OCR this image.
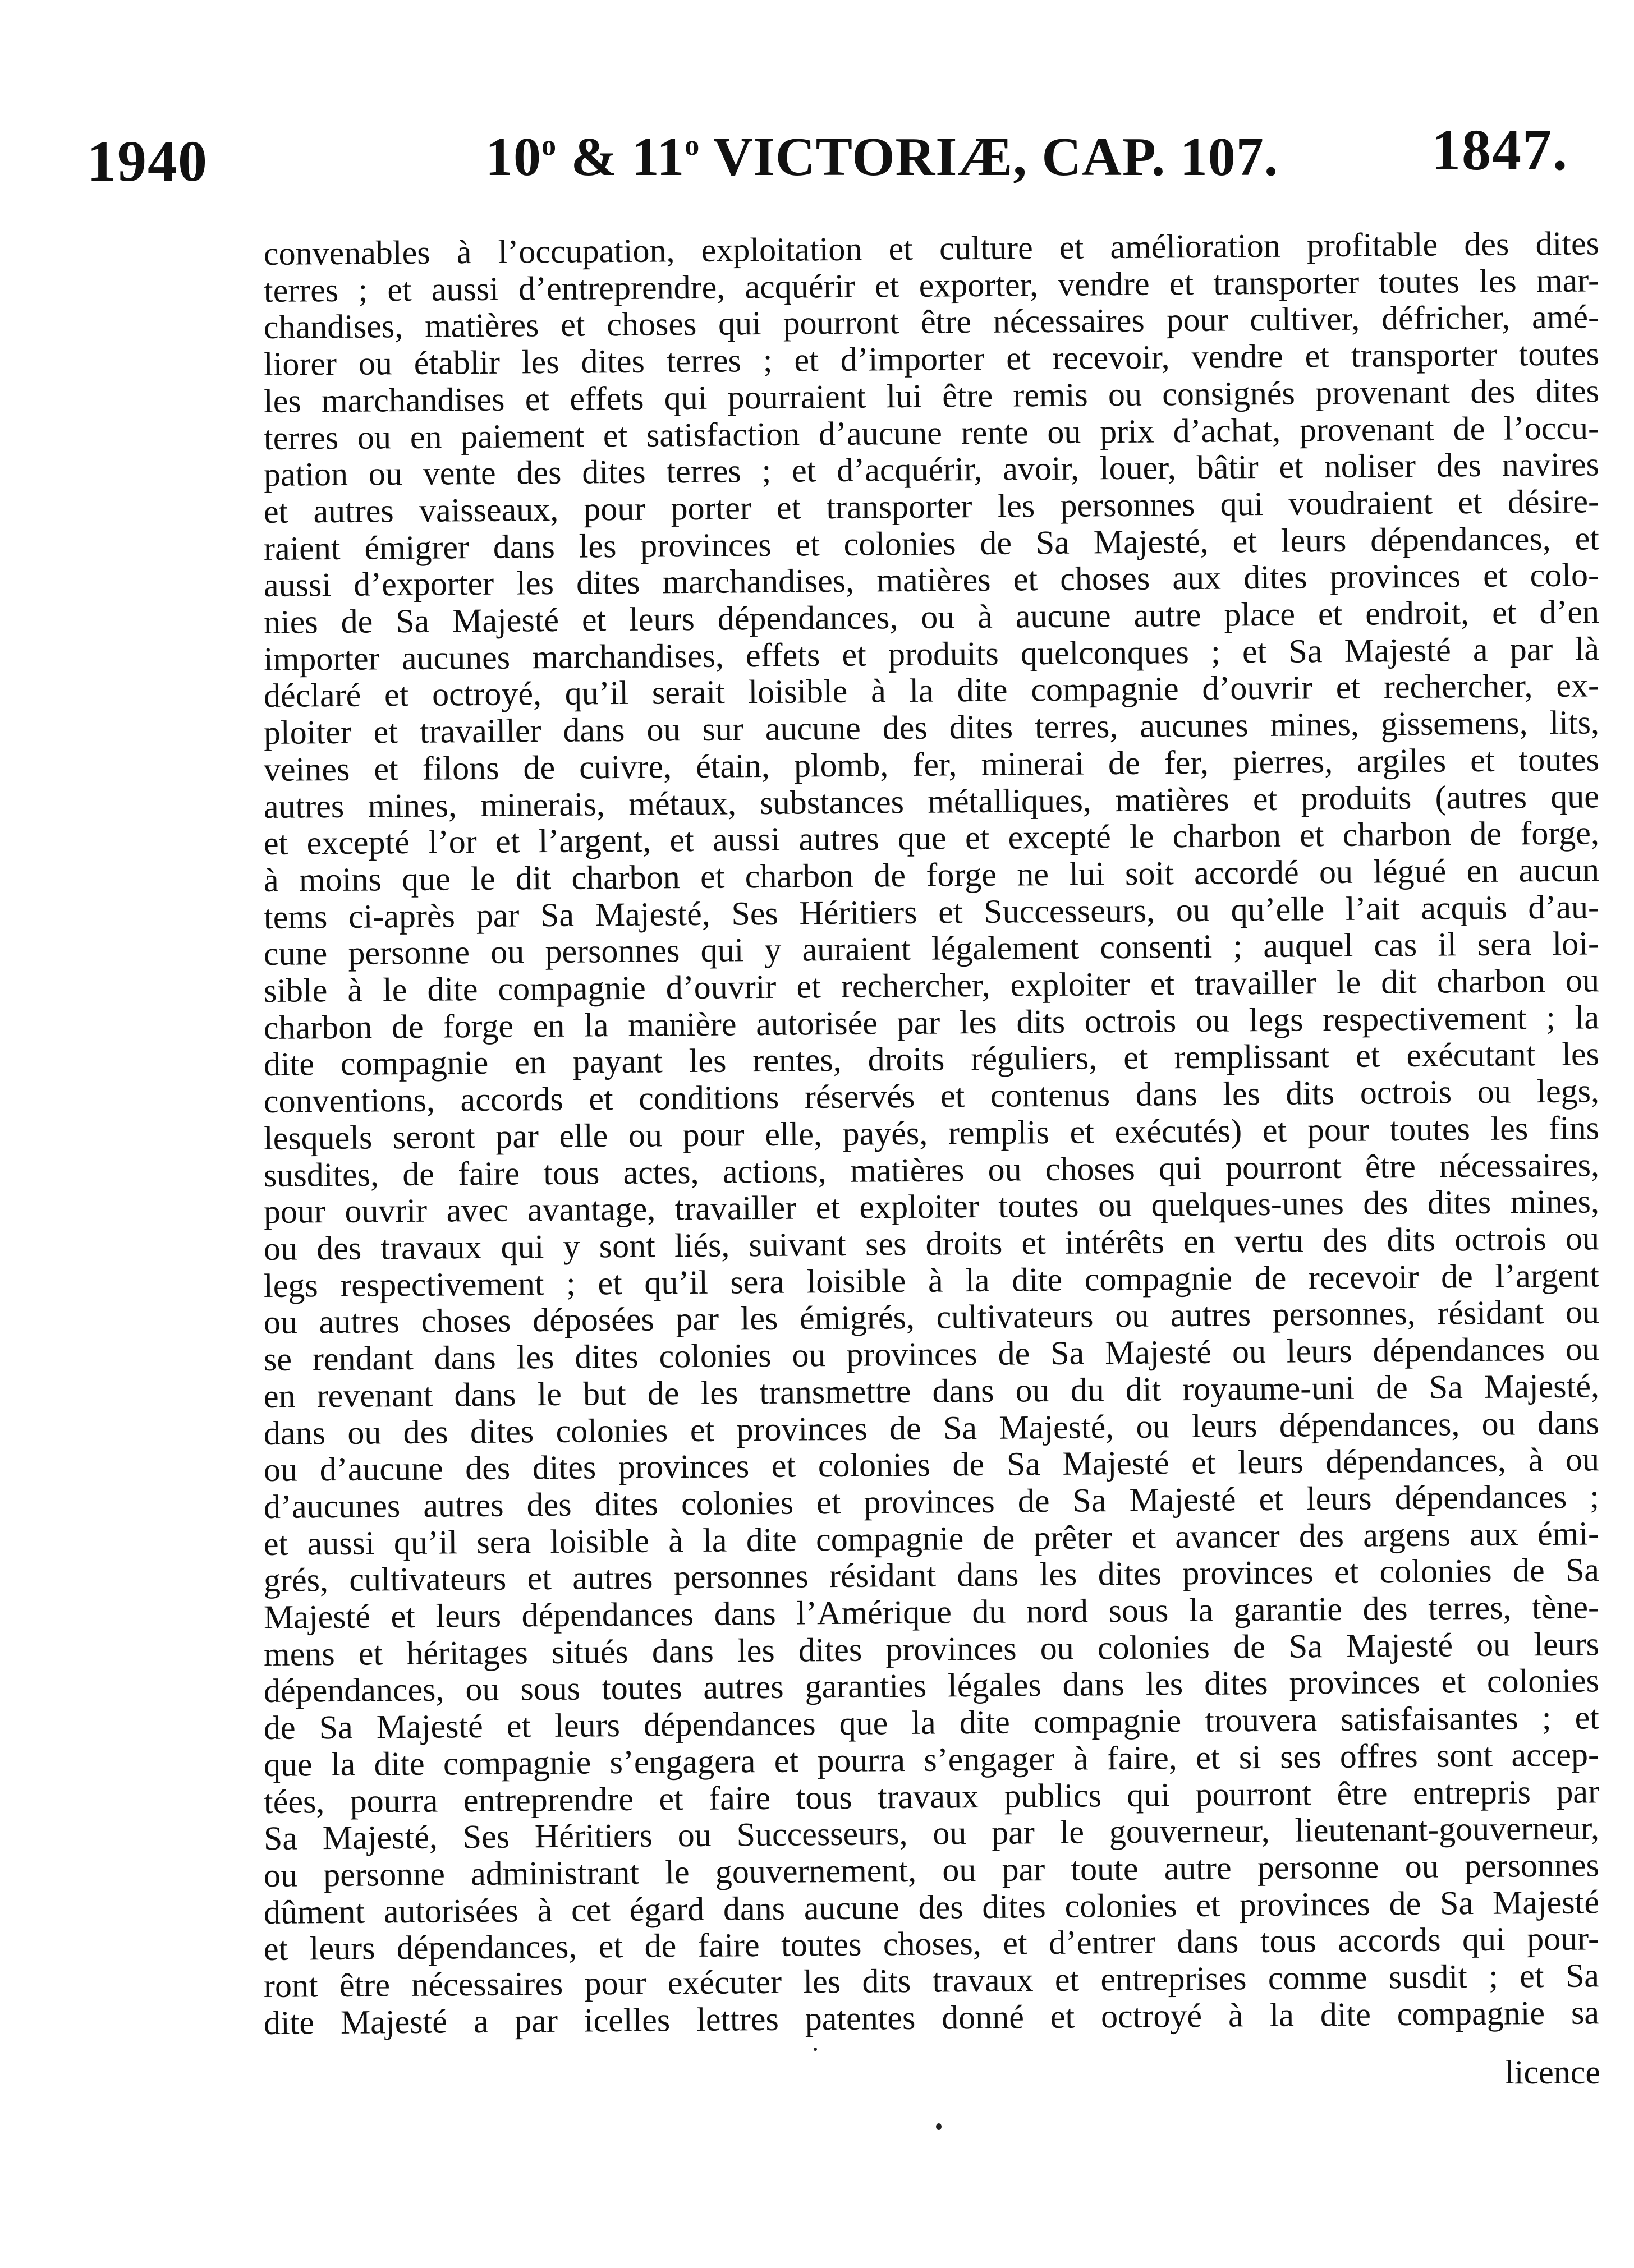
1940	10$^o$ & 11$^o$ VICTORIÆ, CAP. 107.	1847.
convenables à l’occupation, exploitation et culture et amélioration profitable des dites
terres ; et aussi d’entreprendre, acquérir et exporter, vendre et transporter toutes les mar-
chandises, matières et choses qui pourront être nécessaires pour cultiver, défricher, amé-
liorer ou établir les dites terres ; et d’importer et recevoir, vendre et transporter toutes
les marchandises et effets qui pourraient lui être remis ou consignés provenant des dites
terres ou en paiement et satisfaction d’aucune rente ou prix d’achat, provenant de l’occu-
pation ou vente des dites terres ; et d’acquérir, avoir, louer, bâtir et noliser des navires
et autres vaisseaux, pour porter et transporter les personnes qui voudraient et désire-
raient émigrer dans les provinces et colonies de Sa Majesté, et leurs dépendances, et
aussi d’exporter les dites marchandises, matières et choses aux dites provinces et colo-
nies de Sa Majesté et leurs dépendances, ou à aucune autre place et endroit, et d’en
importer aucunes marchandises, effets et produits quelconques ; et Sa Majesté a par là
déclaré et octroyé, qu’il serait loisible à la dite compagnie d’ouvrir et rechercher, ex-
ploiter et travailler dans ou sur aucune des dites terres, aucunes mines, gissemens, lits,
veines et filons de cuivre, étain, plomb, fer, minerai de fer, pierres, argiles et toutes
autres mines, minerais, métaux, substances métalliques, matières et produits (autres que
et excepté l’or et l’argent, et aussi autres que et excepté le charbon et charbon de forge,
à moins que le dit charbon et charbon de forge ne lui soit accordé ou légué en aucun
tems ci-après par Sa Majesté, Ses Héritiers et Successeurs, ou qu’elle l’ait acquis d’au-
cune personne ou personnes qui y auraient légalement consenti ; auquel cas il sera loi-
sible à le dite compagnie d’ouvrir et rechercher, exploiter et travailler le dit charbon ou
charbon de forge en la manière autorisée par les dits octrois ou legs respectivement ; la
dite compagnie en payant les rentes, droits réguliers, et remplissant et exécutant les
conventions, accords et conditions réservés et contenus dans les dits octrois ou legs,
lesquels seront par elle ou pour elle, payés, remplis et exécutés) et pour toutes les fins
susdites, de faire tous actes, actions, matières ou choses qui pourront être nécessaires,
pour ouvrir avec avantage, travailler et exploiter toutes ou quelques-unes des dites mines,
ou des travaux qui y sont liés, suivant ses droits et intérêts en vertu des dits octrois ou
legs respectivement ; et qu’il sera loisible à la dite compagnie de recevoir de l’argent
ou autres choses déposées par les émigrés, cultivateurs ou autres personnes, résidant ou
se rendant dans les dites colonies ou provinces de Sa Majesté ou leurs dépendances ou
en revenant dans le but de les transmettre dans ou du dit royaume-uni de Sa Majesté,
dans ou des dites colonies et provinces de Sa Majesté, ou leurs dépendances, ou dans
ou d’aucune des dites provinces et colonies de Sa Majesté et leurs dépendances, à ou
d’aucunes autres des dites colonies et provinces de Sa Majesté et leurs dépendances ;
et aussi qu’il sera loisible à la dite compagnie de prêter et avancer des argens aux émi-
grés, cultivateurs et autres personnes résidant dans les dites provinces et colonies de Sa
Majesté et leurs dépendances dans l’Amérique du nord sous la garantie des terres, tène-
mens et héritages situés dans les dites provinces ou colonies de Sa Majesté ou leurs
dépendances, ou sous toutes autres garanties légales dans les dites provinces et colonies
de Sa Majesté et leurs dépendances que la dite compagnie trouvera satisfaisantes ; et
que la dite compagnie s’engagera et pourra s’engager à faire, et si ses offres sont accep-
tées, pourra entreprendre et faire tous travaux publics qui pourront être entrepris par
Sa Majesté, Ses Héritiers ou Successeurs, ou par le gouverneur, lieutenant-gouverneur,
ou personne administrant le gouvernement, ou par toute autre personne ou personnes
dûment autorisées à cet égard dans aucune des dites colonies et provinces de Sa Majesté
et leurs dépendances, et de faire toutes choses, et d’entrer dans tous accords qui pour-
ront être nécessaires pour exécuter les dits travaux et entreprises comme susdit ; et Sa
dite Majesté a par icelles lettres patentes donné et octroyé à la dite compagnie sa
licence
